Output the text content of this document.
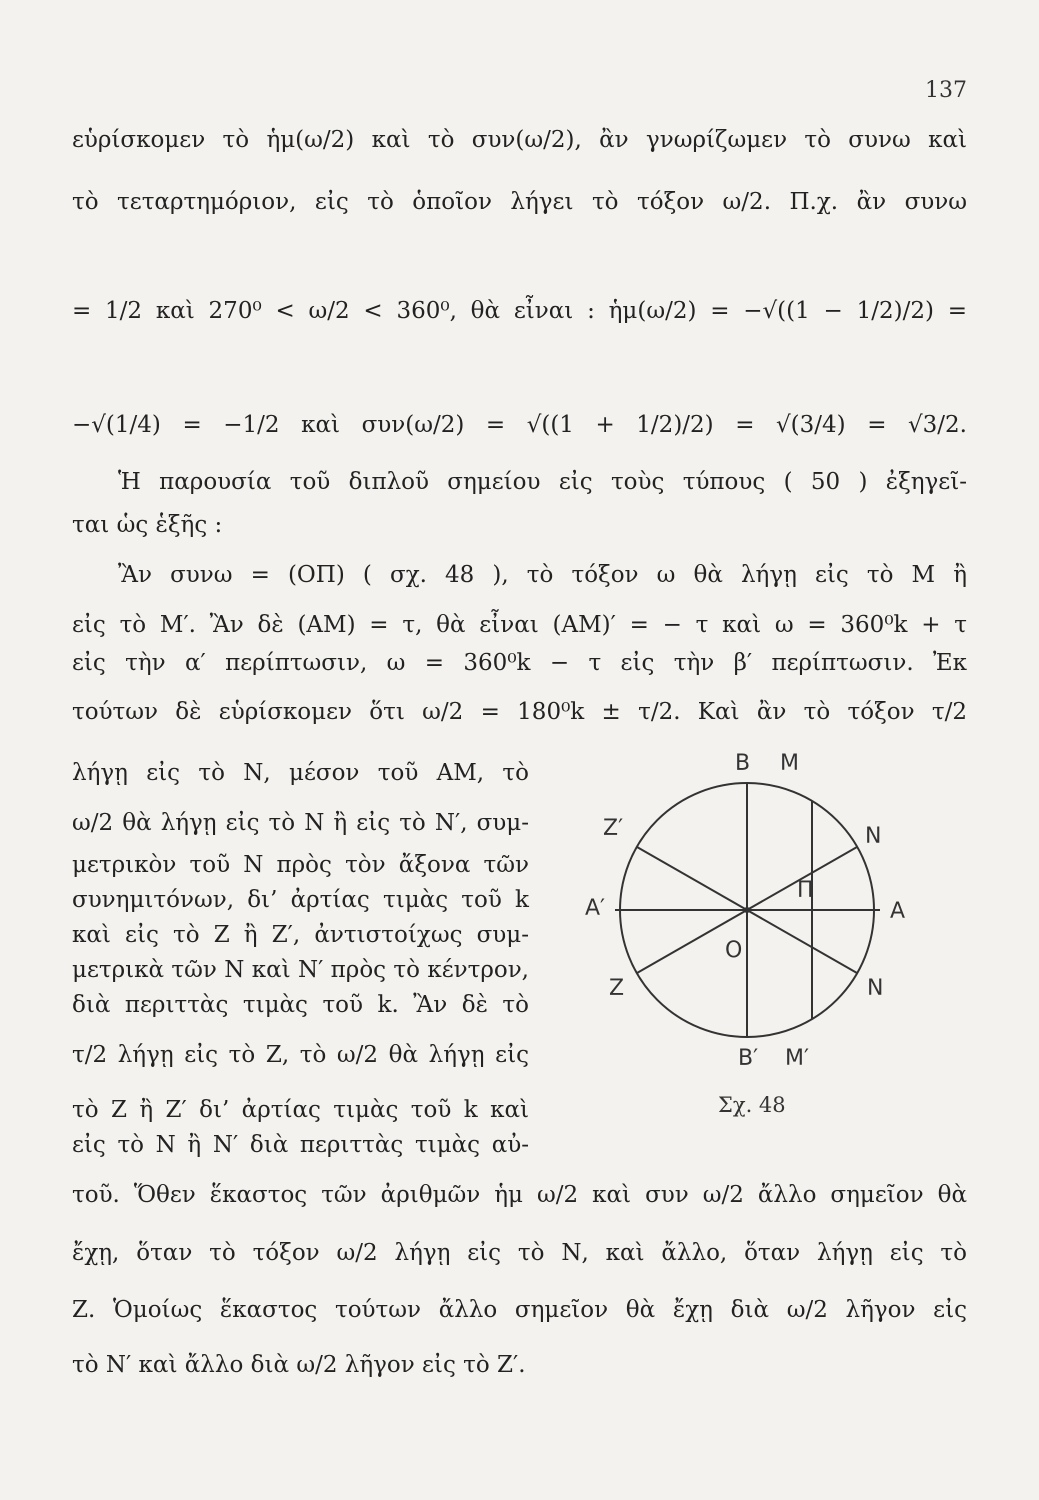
137
εὑρίσκομεν τὸ ἡμ(ω/2) καὶ τὸ συν(ω/2), ἂν γνωρίζωμεν τὸ συνω καὶ
τὸ τεταρτημόριον, εἰς τὸ ὁποῖον λήγει τὸ τόξον ω/2. Π.χ. ἂν συνω
= 1/2 καὶ 270⁰ < ω/2 < 360⁰, θὰ εἶναι : ἡμ(ω/2) = −√((1 − 1/2)/2) =
−√(1/4) = −1/2 καὶ συν(ω/2) = √((1 + 1/2)/2) = √(3/4) = √3/2.
Ἡ παρουσία τοῦ διπλοῦ σημείου εἰς τοὺς τύπους ( 50 ) ἐξηγεῖ-
ται ὡς ἑξῆς :
Ἂν συνω = (ΟΠ) ( σχ. 48 ), τὸ τόξον ω θὰ λήγῃ εἰς τὸ Μ ἢ
εἰς τὸ Μ′. Ἂν δὲ (ΑΜ) = τ, θὰ εἶναι (ΑΜ)′ = − τ καὶ ω = 360⁰k + τ
εἰς τὴν α′ περίπτωσιν, ω = 360⁰k − τ εἰς τὴν β′ περίπτωσιν. Ἐκ
τούτων δὲ εὑρίσκομεν ὅτι ω/2 = 180⁰k ± τ/2. Καὶ ἂν τὸ τόξον τ/2
λήγῃ εἰς τὸ Ν, μέσον τοῦ ΑΜ, τὸ
ω/2 θὰ λήγῃ εἰς τὸ Ν ἢ εἰς τὸ Ν′, συμ-
μετρικὸν τοῦ Ν πρὸς τὸν ἄξονα τῶν
συνημιτόνων, δι’ ἀρτίας τιμὰς τοῦ k
καὶ εἰς τὸ Ζ ἢ Ζ′, ἀντιστοίχως συμ-
μετρικὰ τῶν Ν καὶ Ν′ πρὸς τὸ κέντρον,
διὰ περιττὰς τιμὰς τοῦ k. Ἂν δὲ τὸ
τ/2 λήγῃ εἰς τὸ Ζ, τὸ ω/2 θὰ λήγῃ εἰς
τὸ Ζ ἢ Ζ′ δι’ ἀρτίας τιμὰς τοῦ k καὶ
εἰς τὸ Ν ἢ Ν′ διὰ περιττὰς τιμὰς αὐ-
τοῦ. Ὅθεν ἕκαστος τῶν ἀριθμῶν ἡμ ω/2 καὶ συν ω/2 ἄλλο σημεῖον θὰ
ἔχῃ, ὅταν τὸ τόξον ω/2 λήγῃ εἰς τὸ Ν, καὶ ἄλλο, ὅταν λήγῃ εἰς τὸ
Ζ. Ὁμοίως ἕκαστος τούτων ἄλλο σημεῖον θὰ ἔχῃ διὰ ω/2 λῆγον εἰς
τὸ Ν′ καὶ ἄλλο διὰ ω/2 λῆγον εἰς τὸ Ζ′.
Β Μ
Ζ′	Ν
Α′	Α
Π
Ο
Ζ	Ν
Β′ Μ′
Σχ. 48
